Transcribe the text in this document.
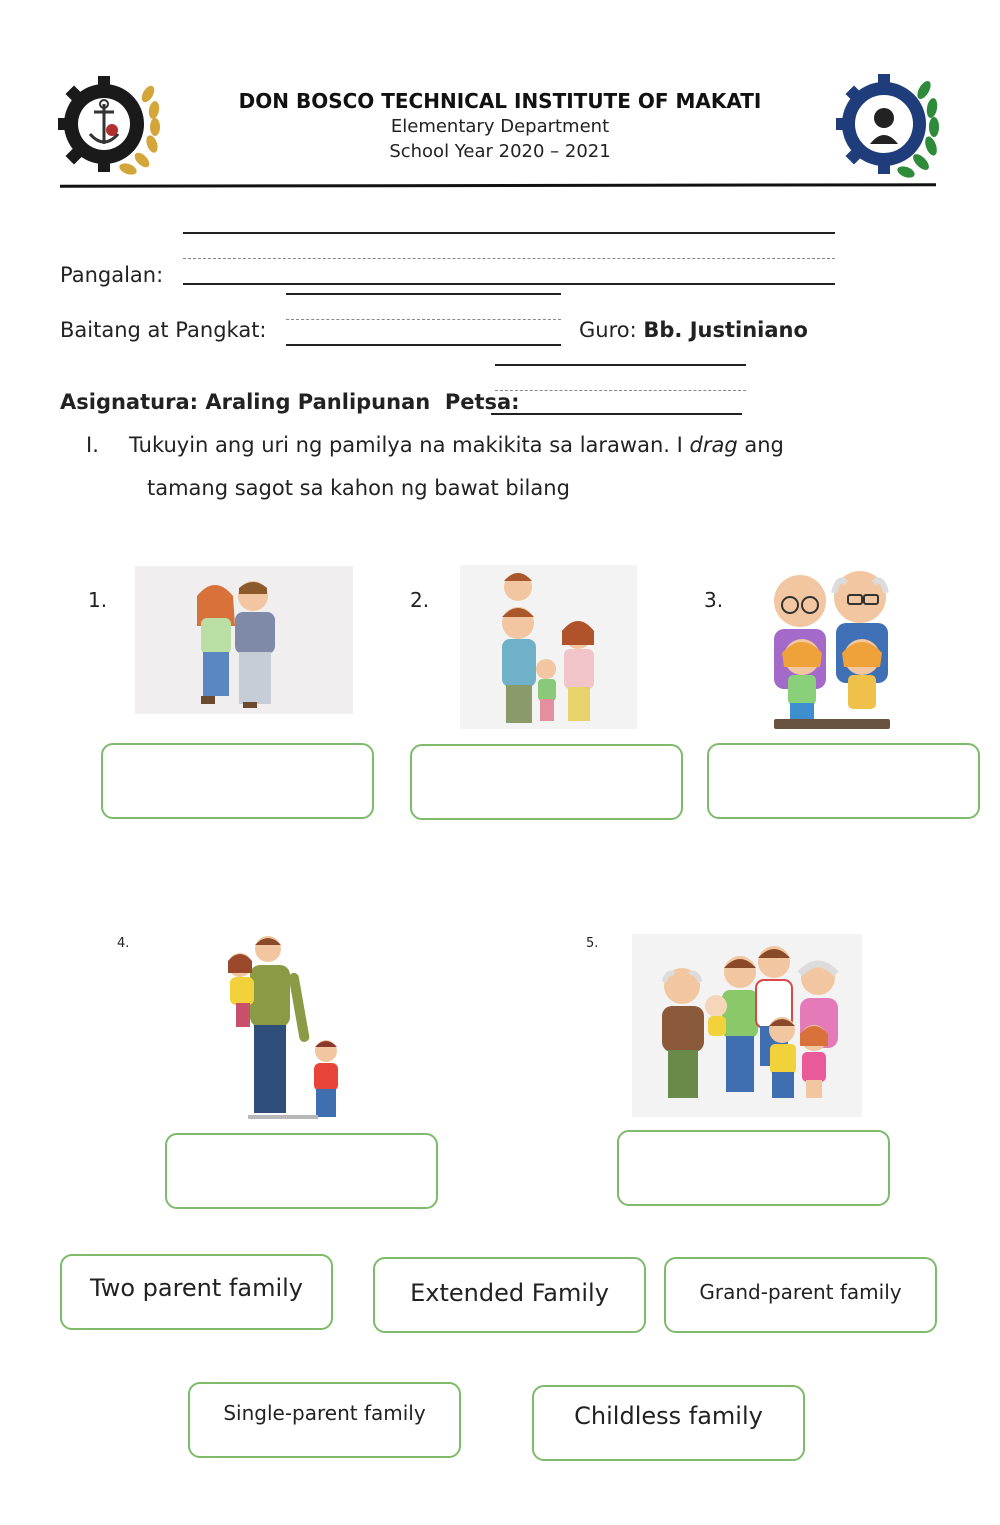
DON BOSCO TECHNICAL INSTITUTE OF MAKATI
Elementary Department
School Year 2020 – 2021
Pangalan:
Baitang at Pangkat:	Guro: Bb. Justiniano
Asignatura: Araling Panlipunan  Petsa:
I. Tukuyin ang uri ng pamilya na makikita sa larawan. I drag ang
tamang sagot sa kahon ng bawat bilang
1.	2.	3.
4.	5.
Two parent family	Extended Family	Grand-parent family
Single-parent family	Childless family
